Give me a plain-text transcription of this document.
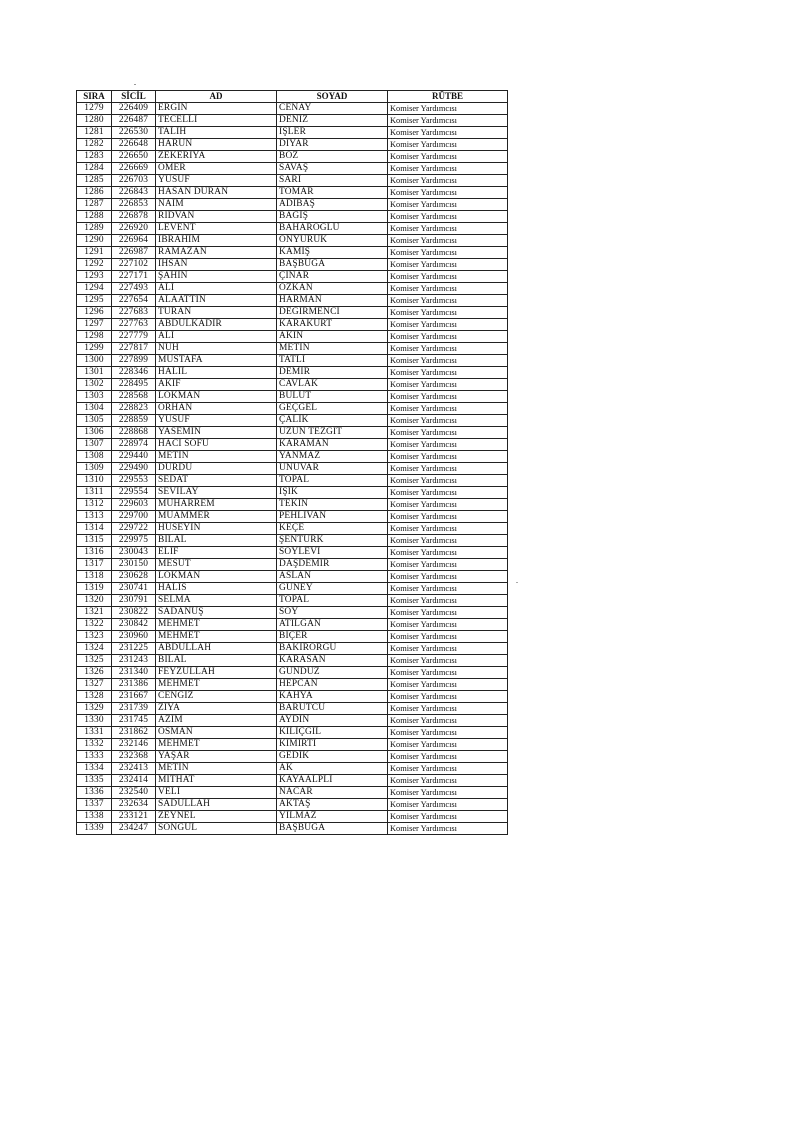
SIRA	SİCİL	AD	SOYAD	RÜTBE
1279	226409	ERGİN	CENAY	Komiser Yardımcısı
1280	226487	TECELLİ	DENİZ	Komiser Yardımcısı
1281	226530	TALİH	İŞLER	Komiser Yardımcısı
1282	226648	HARUN	DİYAR	Komiser Yardımcısı
1283	226650	ZEKERİYA	BOZ	Komiser Yardımcısı
1284	226669	ÖMER	SAVAŞ	Komiser Yardımcısı
1285	226703	YUSUF	SARI	Komiser Yardımcısı
1286	226843	HASAN DURAN	TOMAR	Komiser Yardımcısı
1287	226853	NAİM	ADIBAŞ	Komiser Yardımcısı
1288	226878	RIDVAN	BAĞIŞ	Komiser Yardımcısı
1289	226920	LEVENT	BAHAROĞLU	Komiser Yardımcısı
1290	226964	İBRAHİM	ÖNYÜRÜK	Komiser Yardımcısı
1291	226987	RAMAZAN	KAMIŞ	Komiser Yardımcısı
1292	227102	İHSAN	BAŞBUĞA	Komiser Yardımcısı
1293	227171	ŞAHİN	ÇINAR	Komiser Yardımcısı
1294	227493	ALİ	ÖZKAN	Komiser Yardımcısı
1295	227654	ALAATTİN	HARMAN	Komiser Yardımcısı
1296	227683	TURAN	DEĞİRMENCİ	Komiser Yardımcısı
1297	227763	ABDULKADİR	KARAKURT	Komiser Yardımcısı
1298	227779	ALİ	AKIN	Komiser Yardımcısı
1299	227817	NUH	METİN	Komiser Yardımcısı
1300	227899	MUSTAFA	TATLI	Komiser Yardımcısı
1301	228346	HALİL	DEMİR	Komiser Yardımcısı
1302	228495	AKİF	CAVLAK	Komiser Yardımcısı
1303	228568	LOKMAN	BULUT	Komiser Yardımcısı
1304	228823	ORHAN	GEÇGEL	Komiser Yardımcısı
1305	228859	YUSUF	ÇALIK	Komiser Yardımcısı
1306	228868	YASEMİN	UZUN TEZGİT	Komiser Yardımcısı
1307	228974	HACI SOFU	KARAMAN	Komiser Yardımcısı
1308	229440	METİN	YANMAZ	Komiser Yardımcısı
1309	229490	DURDU	ÜNÜVAR	Komiser Yardımcısı
1310	229553	SEDAT	TOPAL	Komiser Yardımcısı
1311	229554	SEVİLAY	IŞIK	Komiser Yardımcısı
1312	229603	MUHARREM	TEKİN	Komiser Yardımcısı
1313	229700	MUAMMER	PEHLİVAN	Komiser Yardımcısı
1314	229722	HÜSEYİN	KEÇE	Komiser Yardımcısı
1315	229975	BİLAL	ŞENTÜRK	Komiser Yardımcısı
1316	230043	ELİF	SÖYLEVİ	Komiser Yardımcısı
1317	230150	MESUT	DAŞDEMİR	Komiser Yardımcısı
1318	230628	LOKMAN	ASLAN	Komiser Yardımcısı
1319	230741	HALİS	GÜNEY	Komiser Yardımcısı
1320	230791	SELMA	TOPAL	Komiser Yardımcısı
1321	230822	SADANUŞ	SOY	Komiser Yardımcısı
1322	230842	MEHMET	ATILGAN	Komiser Yardımcısı
1323	230960	MEHMET	BİÇER	Komiser Yardımcısı
1324	231225	ABDULLAH	BAKIRÖRGÜ	Komiser Yardımcısı
1325	231243	BİLAL	KARASAN	Komiser Yardımcısı
1326	231340	FEYZULLAH	GÜNDÜZ	Komiser Yardımcısı
1327	231386	MEHMET	HEPCAN	Komiser Yardımcısı
1328	231667	CENGİZ	KAHYA	Komiser Yardımcısı
1329	231739	ZİYA	BARUTCU	Komiser Yardımcısı
1330	231745	AZİM	AYDIN	Komiser Yardımcısı
1331	231862	OSMAN	KILIÇGİL	Komiser Yardımcısı
1332	232146	MEHMET	KİMİRTİ	Komiser Yardımcısı
1333	232368	YAŞAR	GEDİK	Komiser Yardımcısı
1334	232413	METİN	AK	Komiser Yardımcısı
1335	232414	MİTHAT	KAYAALPLI	Komiser Yardımcısı
1336	232540	VELİ	NACAR	Komiser Yardımcısı
1337	232634	SADULLAH	AKTAŞ	Komiser Yardımcısı
1338	233121	ZEYNEL	YILMAZ	Komiser Yardımcısı
1339	234247	SONGÜL	BAŞBUĞA	Komiser Yardımcısı
